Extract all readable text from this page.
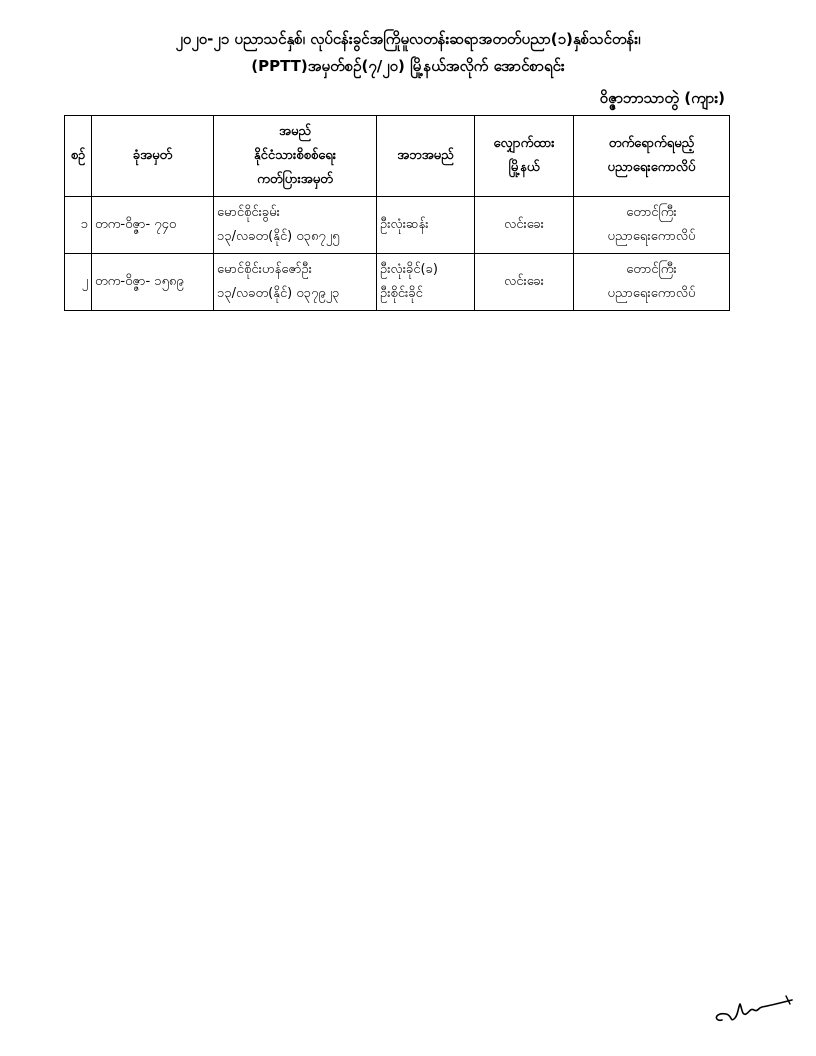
၂၀၂၀-၂၁ ပညာသင်နှစ်၊ လုပ်ငန်းခွင်အကြိုမူလတန်းဆရာအတတ်ပညာ(၁)နှစ်သင်တန်း၊
(PPTT)အမှတ်စဉ်(၇/၂၀) မြို့နယ်အလိုက် အောင်စာရင်း
ဝိဇ္ဇာဘာသာတွဲ (ကျား)
စဉ်	ခုံအမှတ်	အမည်
နိုင်ငံသားစိစစ်ရေး
ကတ်ပြားအမှတ်	အဘအမည်	လျှောက်ထား
မြို့နယ်	တက်ရောက်ရမည့်
ပညာရေးကောလိပ်

၁	တက-ဝိဇ္ဇာ- ၇၄၀	မောင်စိုင်းခွမ်း
၁၃/လခတ(နိုင်) ၀၃၈၇၂၅	ဦးလုံးဆန်း	လင်းခေး	တောင်ကြီး
ပညာရေးကောလိပ်

၂	တက-ဝိဇ္ဇာ- ၁၅၈၉	မောင်စိုင်းဟန်ဇော်ဦး
၁၃/လခတ(နိုင်) ၀၃၇၉၂၃	ဦးလုံးခိုင်(ခ)
ဦးစိုင်းခိုင်	လင်းခေး	တောင်ကြီး
ပညာရေးကောလိပ်
